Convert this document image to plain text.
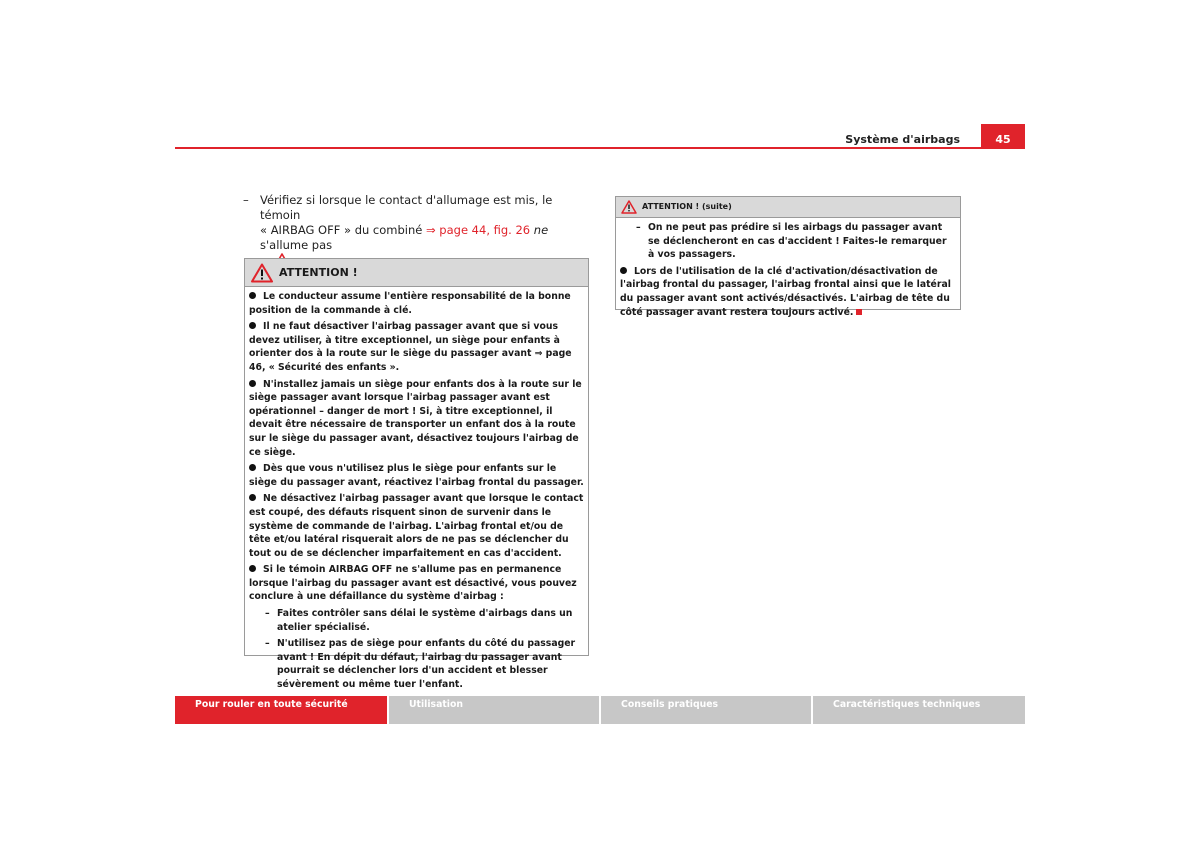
Système d'airbags	45
– Vérifiez si lorsque le contact d'allumage est mis, le témoin
« AIRBAG OFF » du combiné ⇒ page 44, fig. 26 ne s'allume pas

ATTENTION !

Le conducteur assume l'entière responsabilité de la bonne position de la commande à clé.

Il ne faut désactiver l'airbag passager avant que si vous devez utiliser, à titre exceptionnel, un siège pour enfants à orienter dos à la route sur le siège du passager avant ⇒ page 46, « Sécurité des enfants ».

N'installez jamais un siège pour enfants dos à la route sur le siège passager avant lorsque l'airbag passager avant est opérationnel – danger de mort ! Si, à titre exceptionnel, il devait être nécessaire de transporter un enfant dos à la route sur le siège du passager avant, désactivez toujours l'airbag de ce siège.

Dès que vous n'utilisez plus le siège pour enfants sur le siège du passager avant, réactivez l'airbag frontal du passager.

Ne désactivez l'airbag passager avant que lorsque le contact est coupé, des défauts risquent sinon de survenir dans le système de commande de l'airbag. L'airbag frontal et/ou de tête et/ou latéral risquerait alors de ne pas se déclencher du tout ou de se déclencher imparfaitement en cas d'accident.

Si le témoin AIRBAG OFF ne s'allume pas en permanence lorsque l'airbag du passager avant est désactivé, vous pouvez conclure à une défaillance du système d'airbag :

– Faites contrôler sans délai le système d'airbags dans un atelier spécialisé.
– N'utilisez pas de siège pour enfants du côté du passager avant ! En dépit du défaut, l'airbag du passager avant pourrait se déclencher lors d'un accident et blesser sévèrement ou même tuer l'enfant.
ATTENTION ! (suite)
– On ne peut pas prédire si les airbags du passager avant se déclencheront en cas d'accident ! Faites-le remarquer à vos passagers.

Lors de l'utilisation de la clé d'activation/désactivation de l'airbag frontal du passager, l'airbag frontal ainsi que le latéral du passager avant sont activés/désactivés. L'airbag de tête du côté passager avant restera toujours activé.

Pour rouler en toute sécurité	Utilisation	Conseils pratiques	Caractéristiques techniques
